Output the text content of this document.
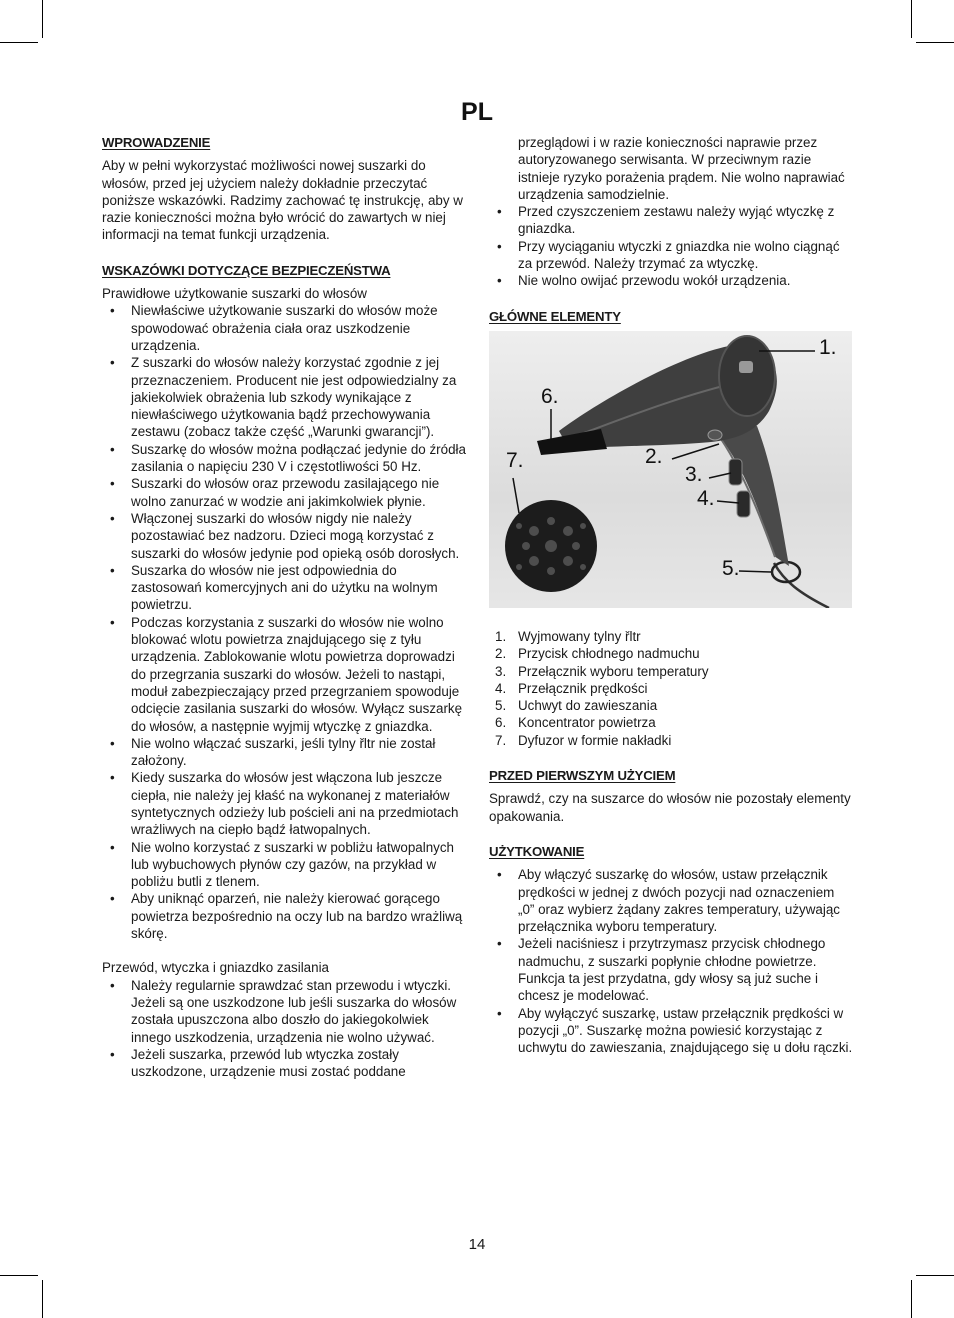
PL
WPROWADZENIE

Aby w pełni wykorzystać możliwości nowej suszarki do włosów, przed jej użyciem należy dokładnie przeczytać poniższe wskazówki. Radzimy zachować tę instrukcję, aby w razie konieczności można było wrócić do zawartych w niej informacji na temat funkcji urządzenia.

WSKAZÓWKI DOTYCZĄCE BEZPIECZEŃSTWA

Prawidłowe użytkowanie suszarki do włosów

• Niewłaściwe użytkowanie suszarki do włosów może spowodować obrażenia ciała oraz uszkodzenie urządzenia.
• Z suszarki do włosów należy korzystać zgodnie z jej przeznaczeniem. Producent nie jest odpowiedzialny za jakiekolwiek obrażenia lub szkody wynikające z niewłaściwego użytkowania bądź przechowywania zestawu (zobacz także część „Warunki gwarancji”).
• Suszarkę do włosów można podłączać jedynie do źródła zasilania o napięciu 230 V i częstotliwości 50 Hz.
• Suszarki do włosów oraz przewodu zasilającego nie wolno zanurzać w wodzie ani jakimkolwiek płynie.
• Włączonej suszarki do włosów nigdy nie należy pozostawiać bez nadzoru. Dzieci mogą korzystać z suszarki do włosów jedynie pod opieką osób dorosłych.
• Suszarka do włosów nie jest odpowiednia do zastosowań komercyjnych ani do użytku na wolnym powietrzu.
• Podczas korzystania z suszarki do włosów nie wolno blokować wlotu powietrza znajdującego się z tyłu urządzenia. Zablokowanie wlotu powietrza doprowadzi do przegrzania suszarki do włosów. Jeżeli to nastąpi, moduł zabezpieczający przed przegrzaniem spowoduje odcięcie zasilania suszarki do włosów. Wyłącz suszarkę do włosów, a następnie wyjmij wtyczkę z gniazdka.
• Nie wolno włączać suszarki, jeśli tylny řltr nie został założony.
• Kiedy suszarka do włosów jest włączona lub jeszcze ciepła, nie należy jej kłaść na wykonanej z materiałów syntetycznych odzieży lub pościeli ani na przedmiotach wrażliwych na ciepło bądź łatwopalnych.
• Nie wolno korzystać z suszarki w pobliżu łatwopalnych lub wybuchowych płynów czy gazów, na przykład w pobliżu butli z tlenem.
• Aby uniknąć oparzeń, nie należy kierować gorącego powietrza bezpośrednio na oczy lub na bardzo wrażliwą skórę.

Przewód, wtyczka i gniazdko zasilania

• Należy regularnie sprawdzać stan przewodu i wtyczki. Jeżeli są one uszkodzone lub jeśli suszarka do włosów została upuszczona albo doszło do jakiegokolwiek innego uszkodzenia, urządzenia nie wolno używać.
• Jeżeli suszarka, przewód lub wtyczka zostały uszkodzone, urządzenie musi zostać poddane

przeglądowi i w razie konieczności naprawie przez autoryzowanego serwisanta. W przeciwnym razie istnieje ryzyko porażenia prądem. Nie wolno naprawiać urządzenia samodzielnie.

• Przed czyszczeniem zestawu należy wyjąć wtyczkę z gniazdka.
• Przy wyciąganiu wtyczki z gniazdka nie wolno ciągnąć za przewód. Należy trzymać za wtyczkę.
• Nie wolno owijać przewodu wokół urządzenia.
GŁÓWNE ELEMENTY
1.
2.
3.
4.
5.
6.
7.
1. Wyjmowany tylny řltr
2. Przycisk chłodnego nadmuchu
3. Przełącznik wyboru temperatury
4. Przełącznik prędkości
5. Uchwyt do zawieszania
6. Koncentrator powietrza
7. Dyfuzor w formie nakładki
PRZED PIERWSZYM UŻYCIEM

Sprawdź, czy na suszarce do włosów nie pozostały elementy opakowania.

UŻYTKOWANIE
• Aby włączyć suszarkę do włosów, ustaw przełącznik prędkości w jednej z dwóch pozycji nad oznaczeniem „0” oraz wybierz żądany zakres temperatury, używając przełącznika wyboru temperatury.
• Jeżeli naciśniesz i przytrzymasz przycisk chłodnego nadmuchu, z suszarki popłynie chłodne powietrze. Funkcja ta jest przydatna, gdy włosy są już suche i chcesz je modelować.
• Aby wyłączyć suszarkę, ustaw przełącznik prędkości w pozycji „0”. Suszarkę można powiesić korzystając z uchwytu do zawieszania, znajdującego się u dołu rączki.
14
